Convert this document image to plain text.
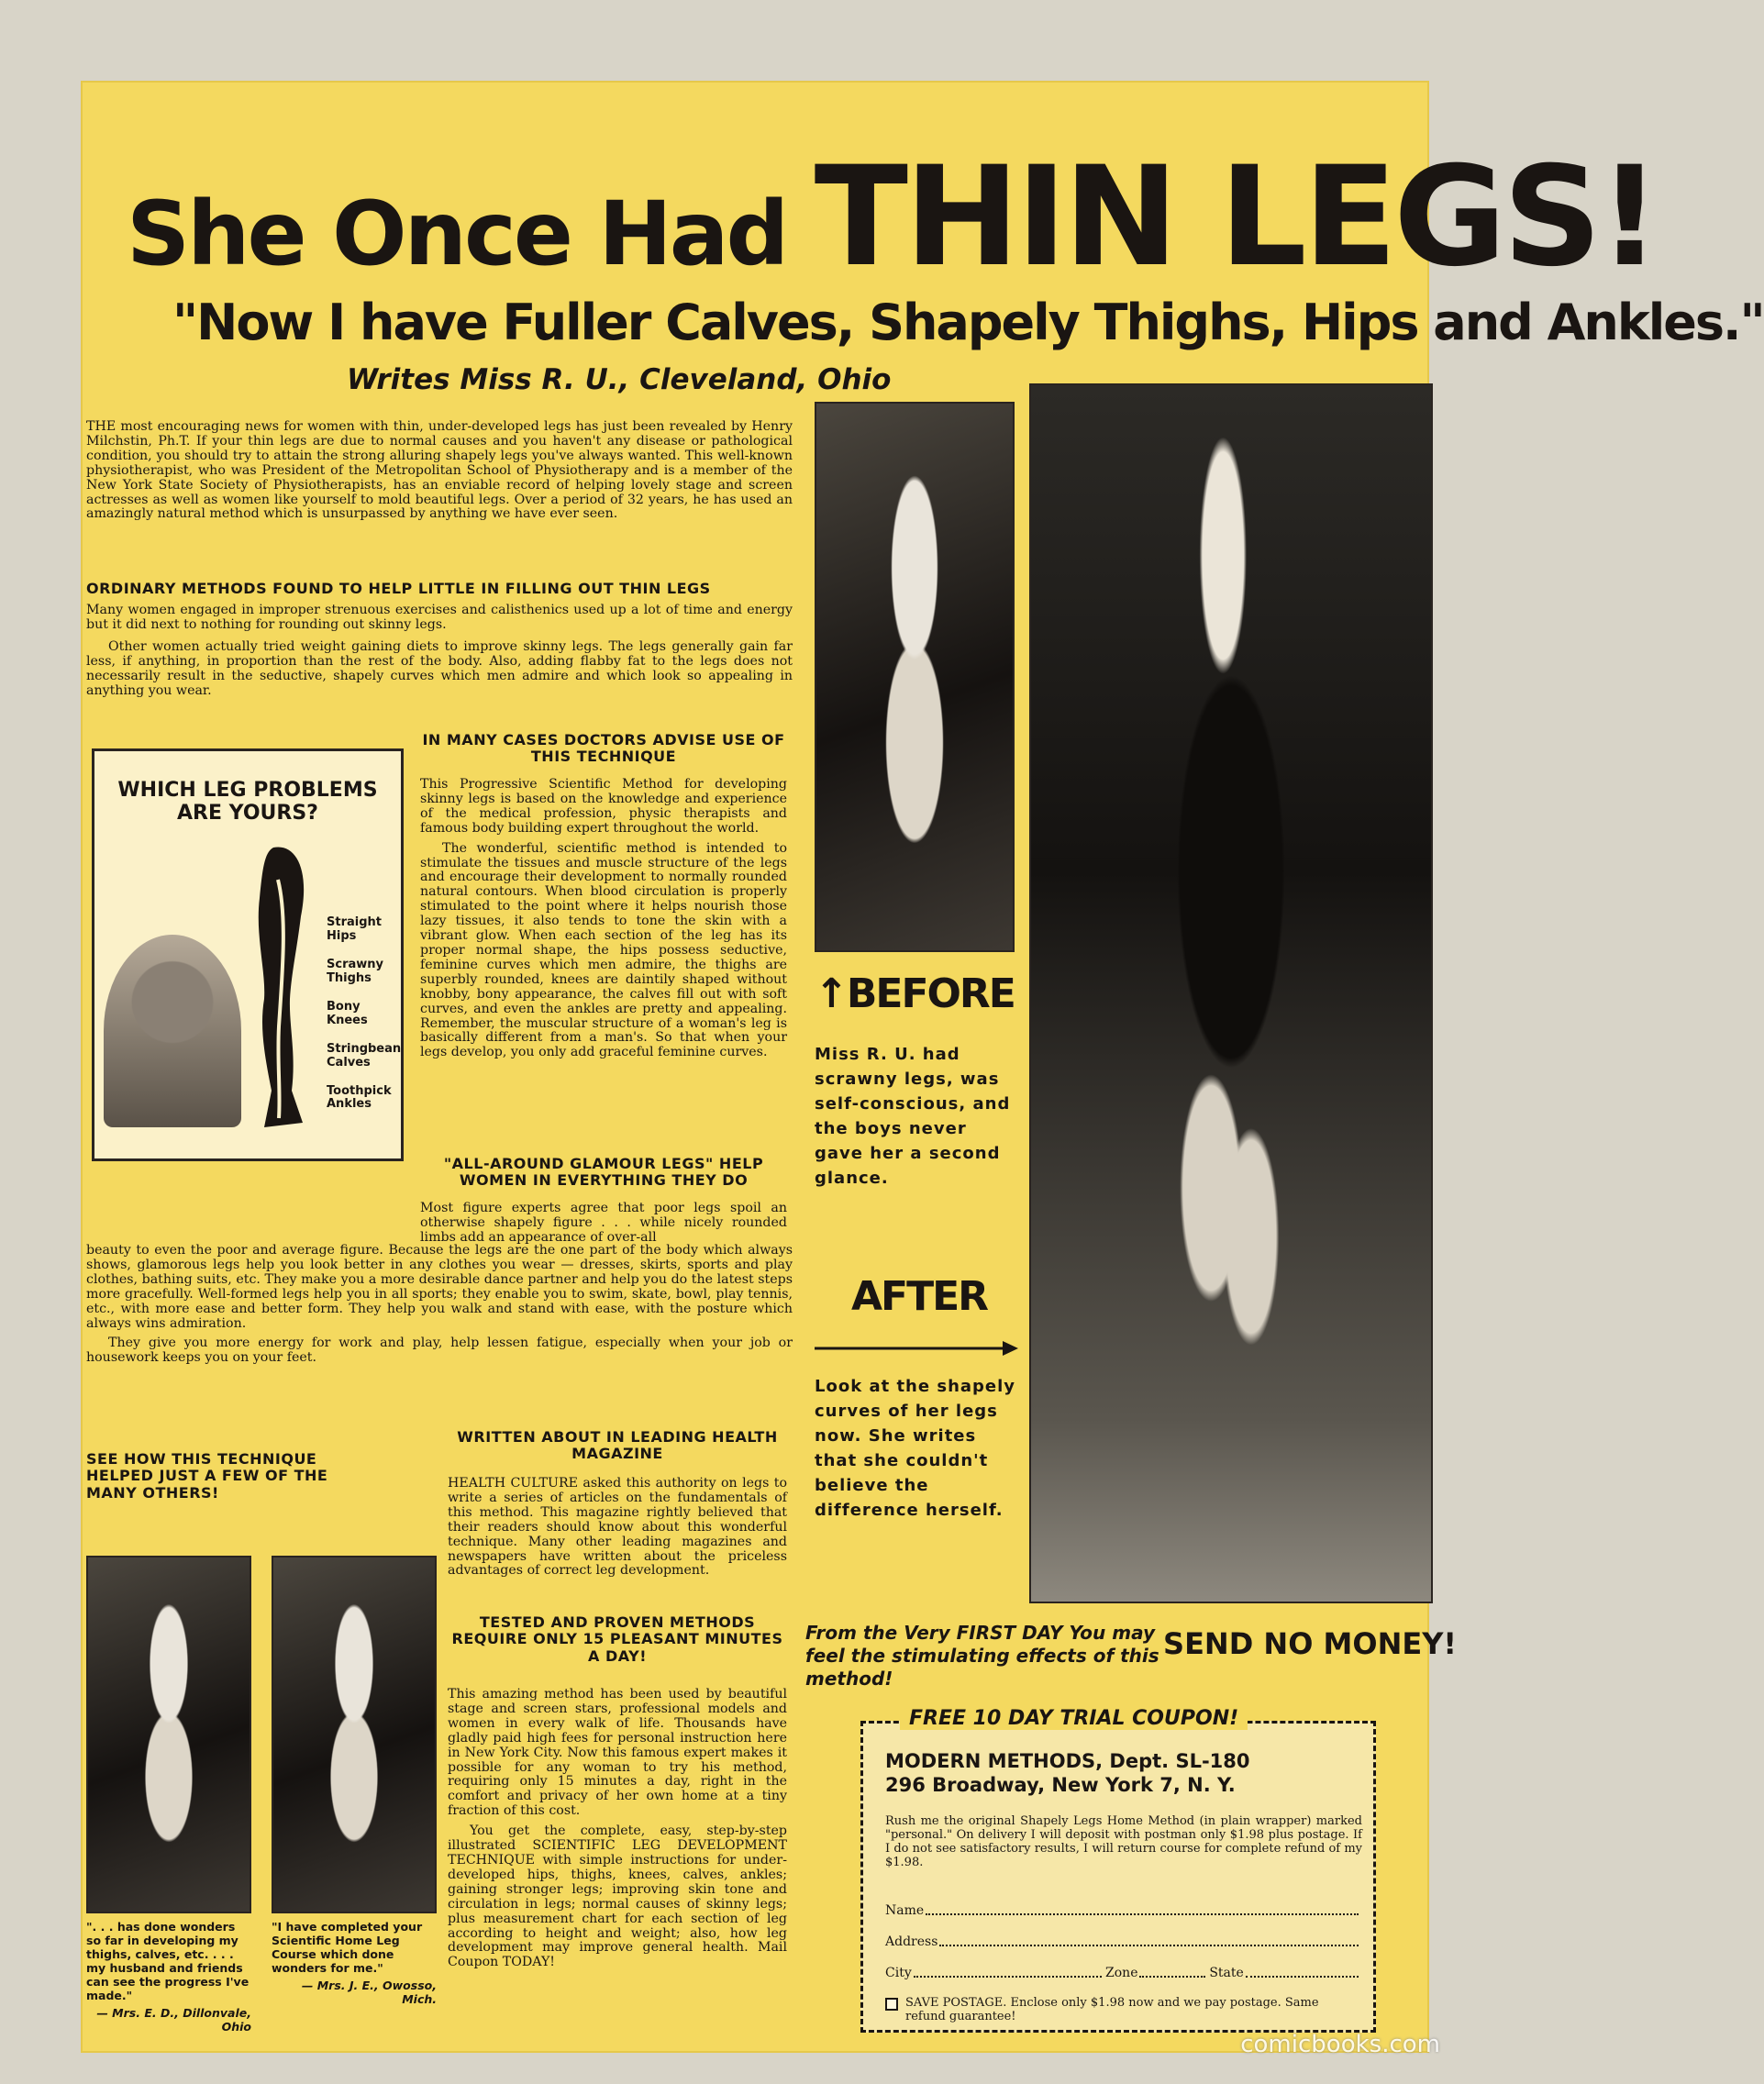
She Once Had THIN LEGS!
"Now I have Fuller Calves, Shapely Thighs, Hips and Ankles."
Writes Miss R. U., Cleveland, Ohio

THE most encouraging news for women with thin, under-developed legs has just been revealed by Henry Milchstin, Ph.T. If your thin legs are due to normal causes and you haven't any disease or pathological condition, you should try to attain the strong alluring shapely legs you've always wanted. This well-known physiotherapist, who was President of the Metropolitan School of Physiotherapy and is a member of the New York State Society of Physiotherapists, has an enviable record of helping lovely stage and screen actresses as well as women like yourself to mold beautiful legs. Over a period of 32 years, he has used an amazingly natural method which is unsurpassed by anything we have ever seen.

ORDINARY METHODS FOUND TO HELP LITTLE IN FILLING OUT THIN LEGS

Many women engaged in improper strenuous exercises and calisthenics used up a lot of time and energy but it did next to nothing for rounding out skinny legs.

Other women actually tried weight gaining diets to improve skinny legs. The legs generally gain far less, if anything, in proportion than the rest of the body. Also, adding flabby fat to the legs does not necessarily result in the seductive, shapely curves which men admire and which look so appealing in anything you wear.

WHICH LEG PROBLEMS ARE YOURS?
Straight Hips
Scrawny Thighs
Bony Knees
Stringbean Calves
Toothpick Ankles
IN MANY CASES DOCTORS ADVISE USE OF THIS TECHNIQUE

This Progressive Scientific Method for developing skinny legs is based on the knowledge and experience of the medical profession, physic therapists and famous body building expert throughout the world.

The wonderful, scientific method is intended to stimulate the tissues and muscle structure of the legs and encourage their development to normally rounded natural contours. When blood circulation is properly stimulated to the point where it helps nourish those lazy tissues, it also tends to tone the skin with a vibrant glow. When each section of the leg has its proper normal shape, the hips possess seductive, feminine curves which men admire, the thighs are superbly rounded, knees are daintily shaped without knobby, bony appearance, the calves fill out with soft curves, and even the ankles are pretty and appealing. Remember, the muscular structure of a woman's leg is basically different from a man's. So that when your legs develop, you only add graceful feminine curves.

"ALL-AROUND GLAMOUR LEGS" HELP WOMEN IN EVERYTHING THEY DO
Most figure experts agree that poor legs spoil an otherwise shapely figure . . . while nicely rounded limbs add an appearance of over-all

beauty to even the poor and average figure. Because the legs are the one part of the body which always shows, glamorous legs help you look better in any clothes you wear — dresses, skirts, sports and play clothes, bathing suits, etc. They make you a more desirable dance partner and help you do the latest steps more gracefully. Well-formed legs help you in all sports; they enable you to swim, skate, bowl, play tennis, etc., with more ease and better form. They help you walk and stand with ease, with the posture which always wins admiration.

They give you more energy for work and play, help lessen fatigue, especially when your job or housework keeps you on your feet.

SEE HOW THIS TECHNIQUE HELPED JUST A FEW OF THE MANY OTHERS!
". . . has done wonders so far in developing my thighs, calves, etc. . . . my husband and friends can see the progress I've made."
— Mrs. E. D., Dillonvale, Ohio
"I have completed your Scientific Home Leg Course which done wonders for me."
— Mrs. J. E., Owosso, Mich.
WRITTEN ABOUT IN LEADING HEALTH MAGAZINE
HEALTH CULTURE asked this authority on legs to write a series of articles on the fundamentals of this method. This magazine rightly believed that their readers should know about this wonderful technique. Many other leading magazines and newspapers have written about the priceless advantages of correct leg development.
TESTED AND PROVEN METHODS REQUIRE ONLY 15 PLEASANT MINUTES A DAY!

This amazing method has been used by beautiful stage and screen stars, professional models and women in every walk of life. Thousands have gladly paid high fees for personal instruction here in New York City. Now this famous expert makes it possible for any woman to try his method, requiring only 15 minutes a day, right in the comfort and privacy of her own home at a tiny fraction of this cost.

You get the complete, easy, step-by-step illustrated SCIENTIFIC LEG DEVELOPMENT TECHNIQUE with simple instructions for under-developed hips, thighs, knees, calves, ankles; gaining stronger legs; improving skin tone and circulation in legs; normal causes of skinny legs; plus measurement chart for each section of leg according to height and weight; also, how leg development may improve general health. Mail Coupon TODAY!

↑BEFORE
Miss R. U. had scrawny legs, was self-conscious, and the boys never gave her a second glance.
AFTER
Look at the shapely curves of her legs now. She writes that she couldn't believe the difference herself.
From the Very FIRST DAY You may feel the stimulating effects of this method!
SEND NO MONEY!
FREE 10 DAY TRIAL COUPON!
MODERN METHODS, Dept. SL-180
296 Broadway, New York 7, N. Y.
Rush me the original Shapely Legs Home Method (in plain wrapper) marked "personal." On delivery I will deposit with postman only $1.98 plus postage. If I do not see satisfactory results, I will return course for complete refund of my $1.98.
Name
Address
City	Zone	State
SAVE POSTAGE. Enclose only $1.98 now and we pay postage. Same refund guarantee!
comicbooks.com
